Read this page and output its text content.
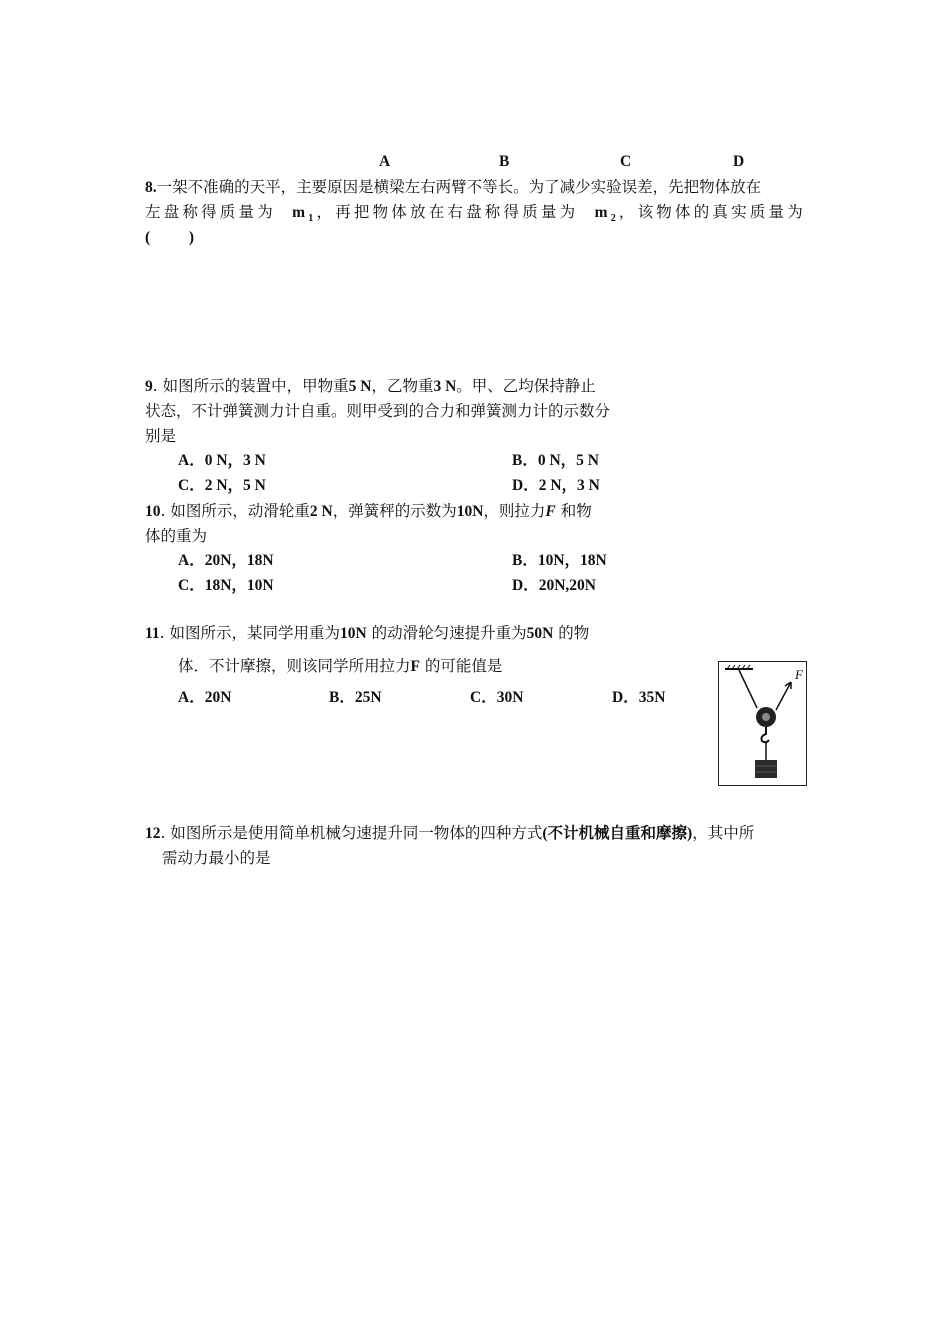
A	B	C	D
8.一架不准确的天平，主要原因是横梁左右两臂不等长。为了减少实验误差，先把物体放在
左盘称得质量为 $m_1$，再把物体放在右盘称得质量为 $m_2$，该物体的真实质量为
(          )
9. 如图所示的装置中，甲物重5 N，乙物重3 N。甲、乙均保持静止
状态，不计弹簧测力计自重。则甲受到的合力和弹簧测力计的示数分
别是
A．0 N，3 N	B．0 N，5 N
C．2 N，5 N	D．2 N，3 N
10. 如图所示，动滑轮重2 N，弹簧秤的示数为10N，则拉力F 和物
体的重为
A．20N，18N	B．10N，18N
C．18N，10N	D．20N,20N
11. 如图所示，某同学用重为10N 的动滑轮匀速提升重为50N 的物
体．不计摩擦，则该同学所用拉力F 的可能值是
A．20N	B．25N	C．30N	D．35N
F
12. 如图所示是使用简单机械匀速提升同一物体的四种方式(不计机械自重和摩擦)，其中所
需动力最小的是
